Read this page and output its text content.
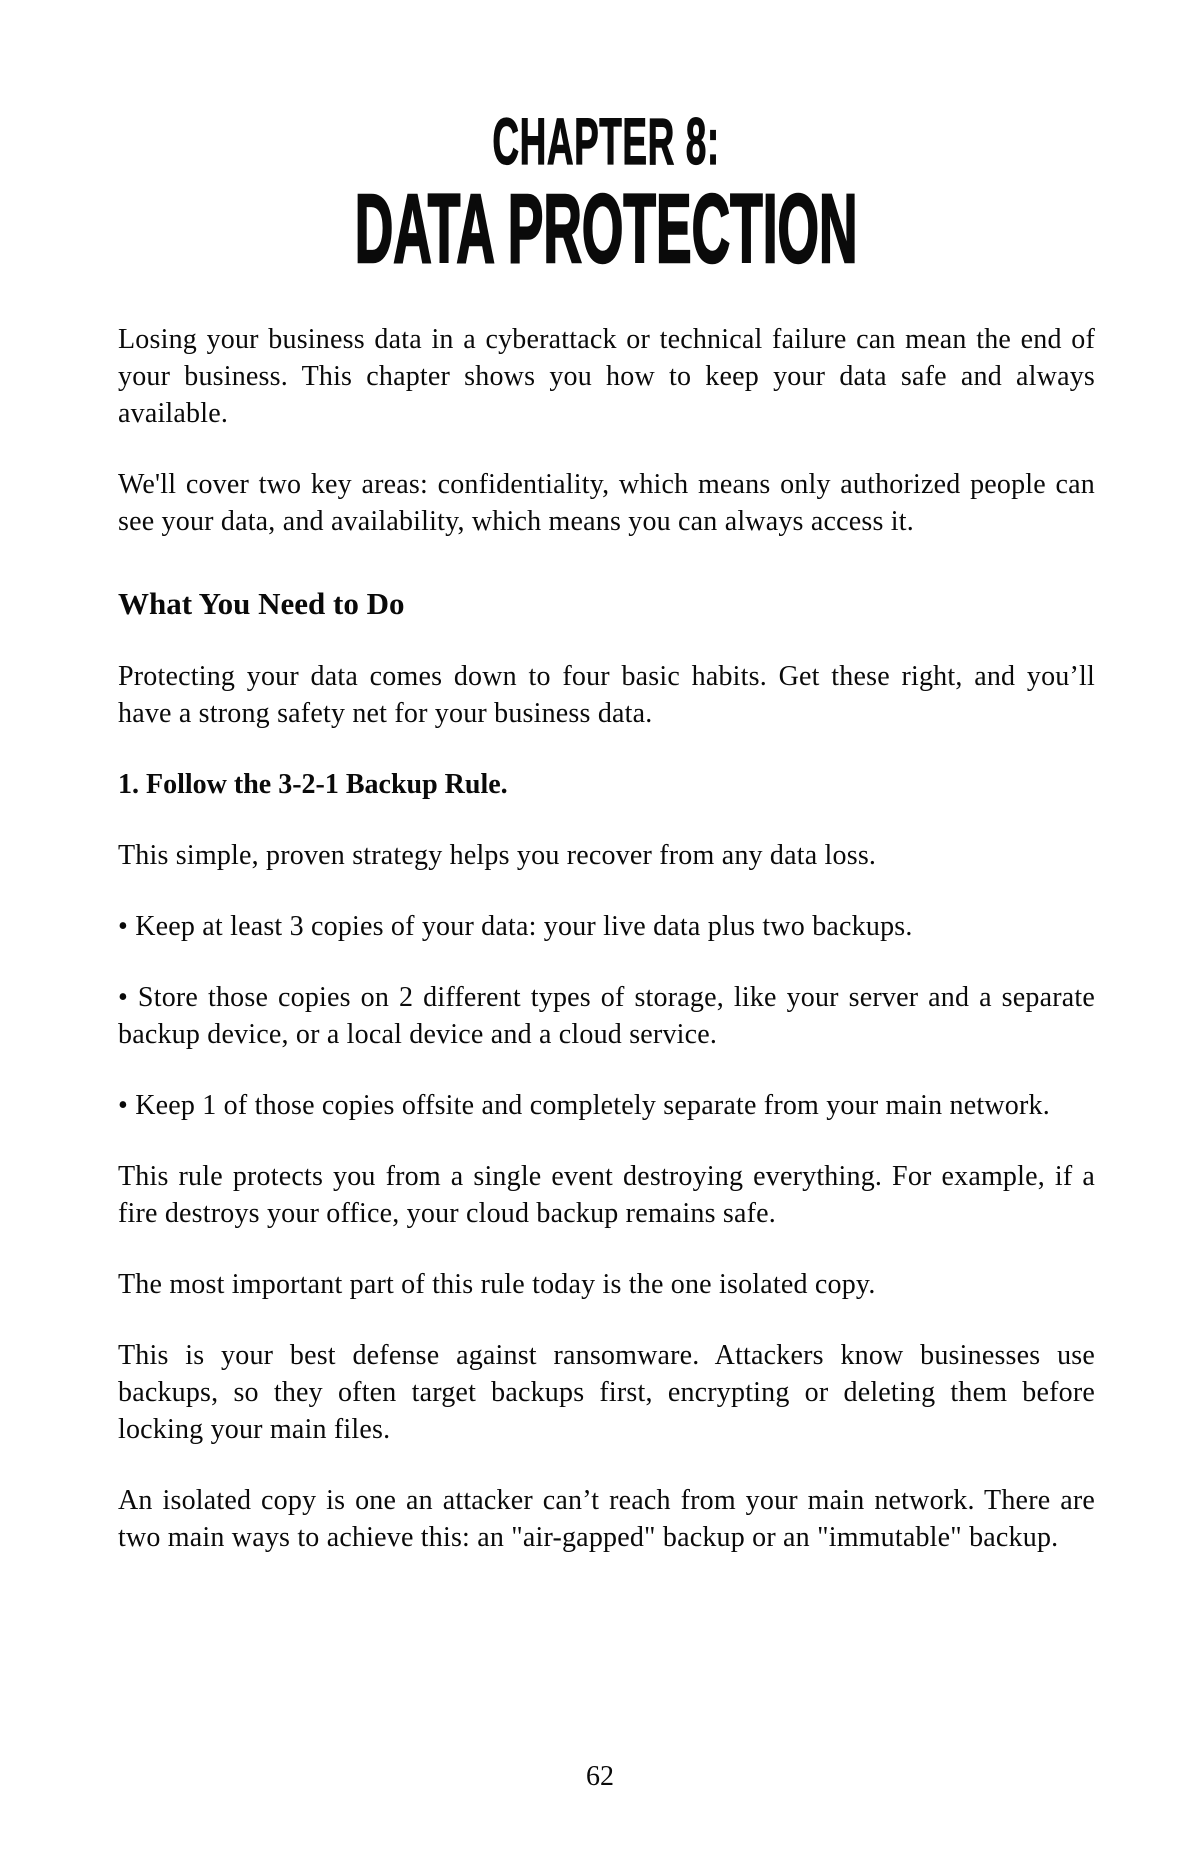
CHAPTER 8:
DATA PROTECTION

Losing your business data in a cyberattack or technical failure can mean the end of your business. This chapter shows you how to keep your data safe and always available.

We'll cover two key areas: confidentiality, which means only authorized people can see your data, and availability, which means you can always access it.

What You Need to Do

Protecting your data comes down to four basic habits. Get these right, and you’ll have a strong safety net for your business data.

1. Follow the 3-2-1 Backup Rule.

This simple, proven strategy helps you recover from any data loss.

• Keep at least 3 copies of your data: your live data plus two backups.

• Store those copies on 2 different types of storage, like your server and a separate backup device, or a local device and a cloud service.

• Keep 1 of those copies offsite and completely separate from your main network.

This rule protects you from a single event destroying everything. For example, if a fire destroys your office, your cloud backup remains safe.

The most important part of this rule today is the one isolated copy.

This is your best defense against ransomware. Attackers know businesses use backups, so they often target backups first, encrypting or deleting them before locking your main files.

An isolated copy is one an attacker can’t reach from your main network. There are two main ways to achieve this: an "air-gapped" backup or an "immutable" backup.

62
